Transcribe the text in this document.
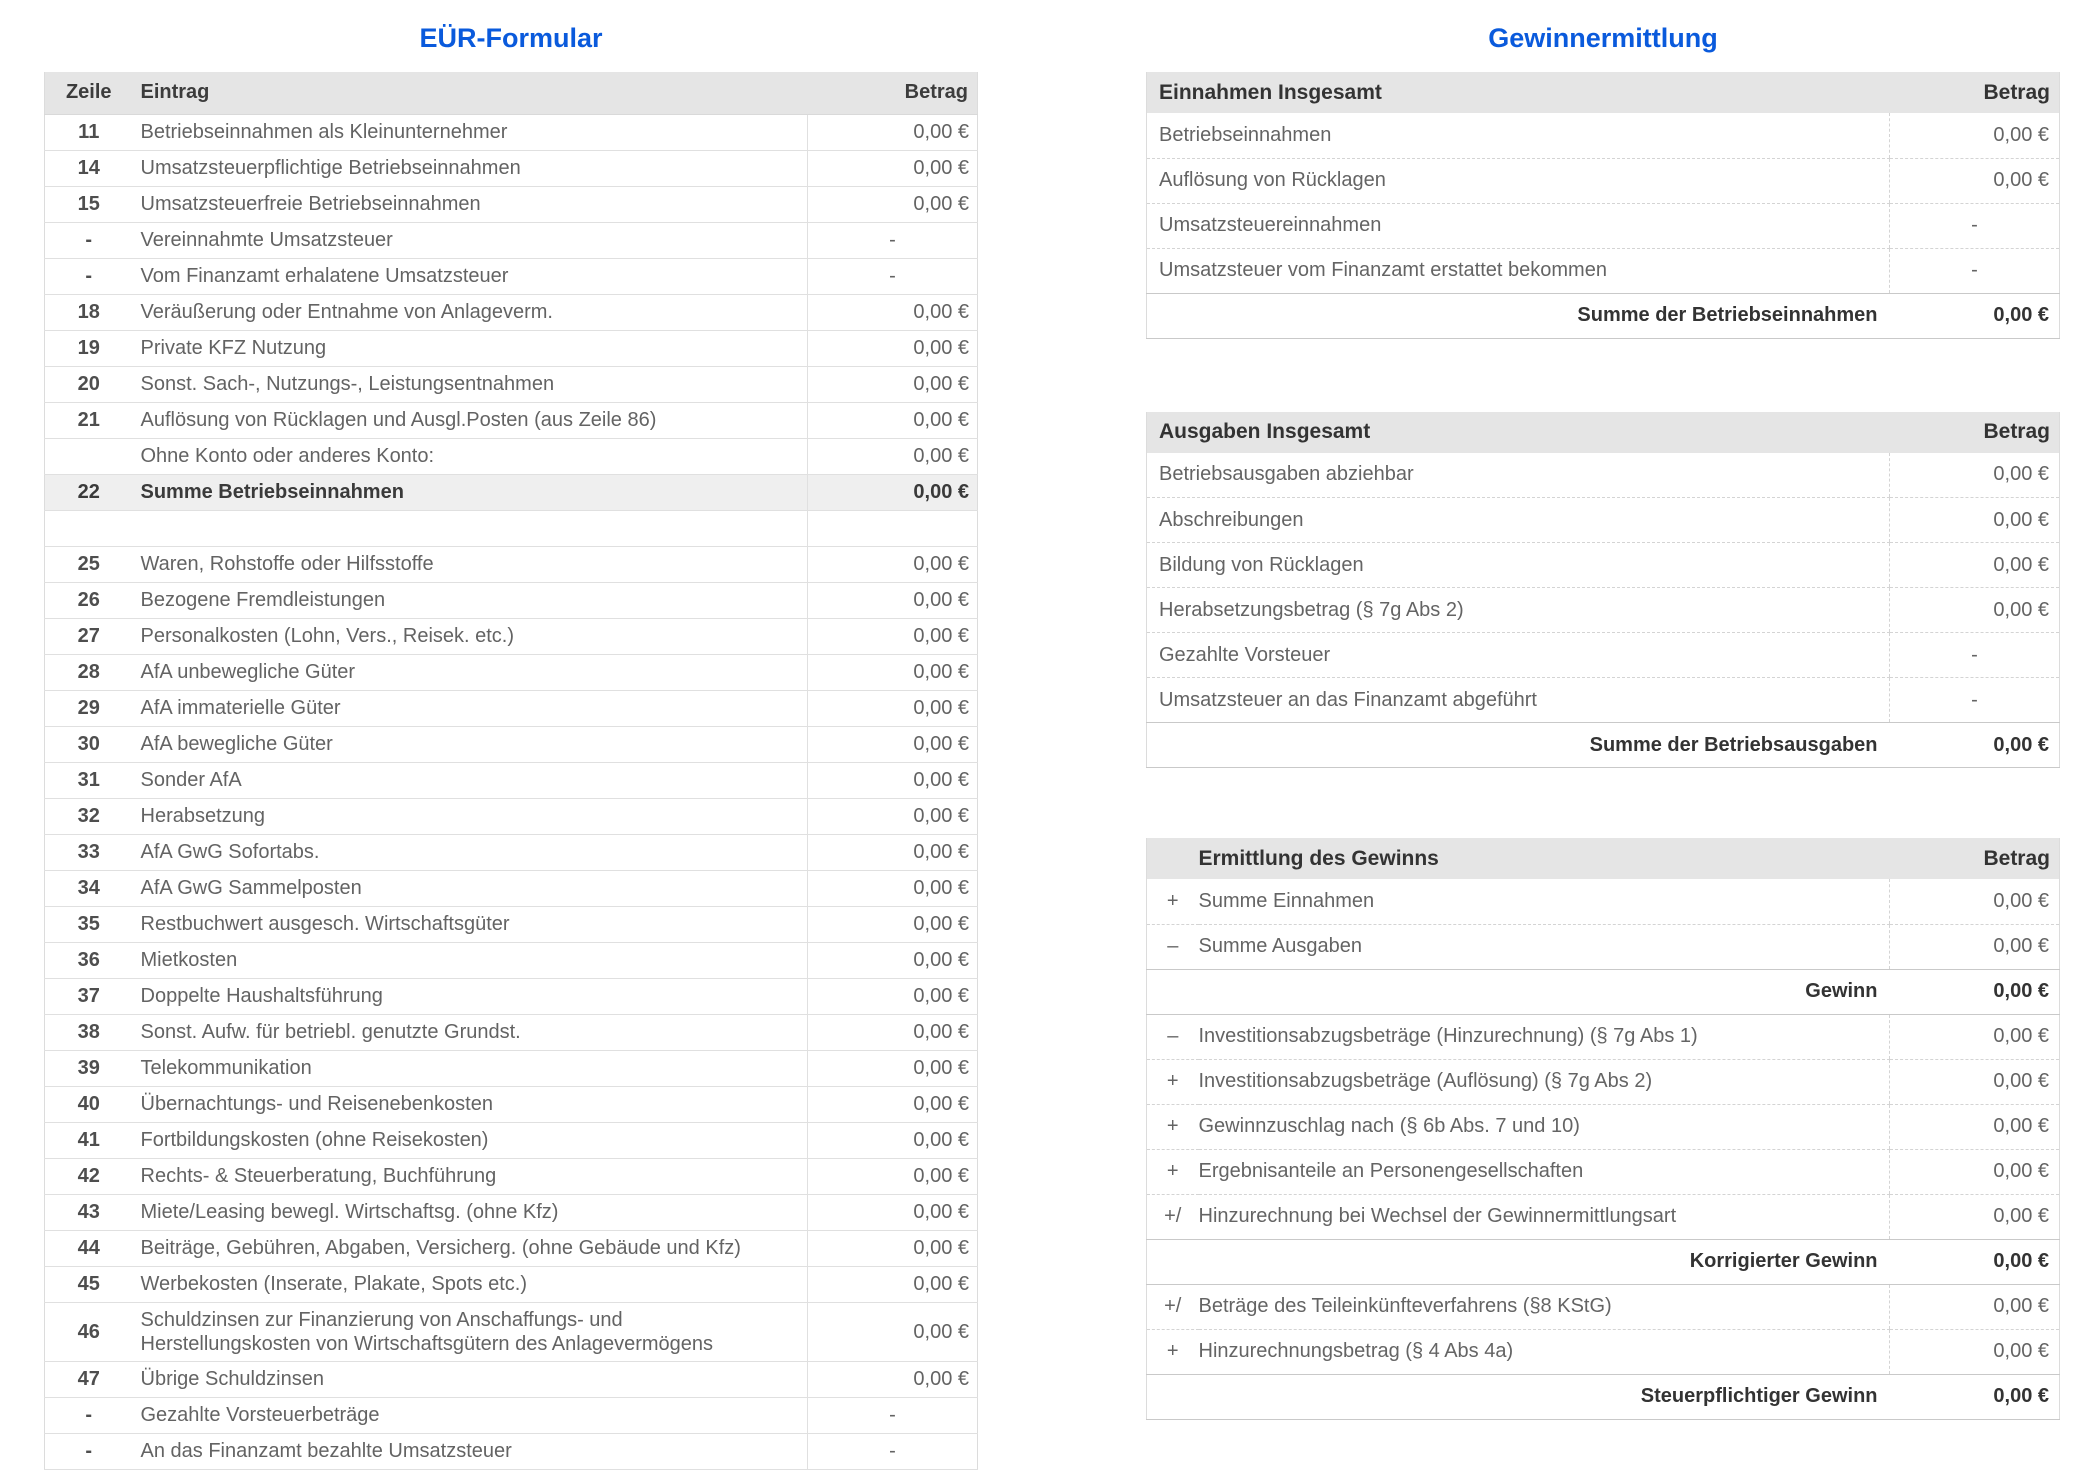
EÜR-Formular
Zeile	Eintrag	Betrag
11	Betriebseinnahmen als Kleinunternehmer	0,00 €
14	Umsatzsteuerpflichtige Betriebseinnahmen	0,00 €
15	Umsatzsteuerfreie Betriebseinnahmen	0,00 €
-	Vereinnahmte Umsatzsteuer	-
-	Vom Finanzamt erhalatene Umsatzsteuer	-
18	Veräußerung oder Entnahme von Anlageverm.	0,00 €
19	Private KFZ Nutzung	0,00 €
20	Sonst. Sach-, Nutzungs-, Leistungsentnahmen	0,00 €
21	Auflösung von Rücklagen und Ausgl.Posten (aus Zeile 86)	0,00 €
	Ohne Konto oder anderes Konto:	0,00 €
22	Summe Betriebseinnahmen	0,00 €

25	Waren, Rohstoffe oder Hilfsstoffe	0,00 €
26	Bezogene Fremdleistungen	0,00 €
27	Personalkosten (Lohn, Vers., Reisek. etc.)	0,00 €
28	AfA unbewegliche Güter	0,00 €
29	AfA immaterielle Güter	0,00 €
30	AfA bewegliche Güter	0,00 €
31	Sonder AfA	0,00 €
32	Herabsetzung	0,00 €
33	AfA GwG Sofortabs.	0,00 €
34	AfA GwG Sammelposten	0,00 €
35	Restbuchwert ausgesch. Wirtschaftsgüter	0,00 €
36	Mietkosten	0,00 €
37	Doppelte Haushaltsführung	0,00 €
38	Sonst. Aufw. für betriebl. genutzte Grundst.	0,00 €
39	Telekommunikation	0,00 €
40	Übernachtungs- und Reisenebenkosten	0,00 €
41	Fortbildungskosten (ohne Reisekosten)	0,00 €
42	Rechts- & Steuerberatung, Buchführung	0,00 €
43	Miete/Leasing bewegl. Wirtschaftsg. (ohne Kfz)	0,00 €
44	Beiträge, Gebühren, Abgaben, Versicherg. (ohne Gebäude und Kfz)	0,00 €
45	Werbekosten (Inserate, Plakate, Spots etc.)	0,00 €
46	Schuldzinsen zur Finanzierung von Anschaffungs- und Herstellungskosten von Wirtschaftsgütern des Anlagevermögens	0,00 €
47	Übrige Schuldzinsen	0,00 €
-	Gezahlte Vorsteuerbeträge	-
-	An das Finanzamt bezahlte Umsatzsteuer	-
Gewinnermittlung
Einnahmen Insgesamt	Betrag
Betriebseinnahmen	0,00 €
Auflösung von Rücklagen	0,00 €
Umsatzsteuereinnahmen	-
Umsatzsteuer vom Finanzamt erstattet bekommen	-
Summe der Betriebseinnahmen	0,00 €
Ausgaben Insgesamt	Betrag
Betriebsausgaben abziehbar	0,00 €
Abschreibungen	0,00 €
Bildung von Rücklagen	0,00 €
Herabsetzungsbetrag (§ 7g Abs 2)	0,00 €
Gezahlte Vorsteuer	-
Umsatzsteuer an das Finanzamt abgeführt	-
Summe der Betriebsausgaben	0,00 €
	Ermittlung des Gewinns	Betrag
+	Summe Einnahmen	0,00 €
–	Summe Ausgaben	0,00 €
Gewinn		0,00 €
–	Investitionsabzugsbeträge (Hinzurechnung) (§ 7g Abs 1)	0,00 €
+	Investitionsabzugsbeträge (Auflösung) (§ 7g Abs 2)	0,00 €
+	Gewinnzuschlag nach (§ 6b Abs. 7 und 10)	0,00 €
+	Ergebnisanteile an Personengesellschaften	0,00 €
+/	Hinzurechnung bei Wechsel der Gewinnermittlungsart	0,00 €
Korrigierter Gewinn		0,00 €
+/	Beträge des Teileinkünfteverfahrens (§8 KStG)	0,00 €
+	Hinzurechnungsbetrag (§ 4 Abs 4a)	0,00 €
Steuerpflichtiger Gewinn		0,00 €
